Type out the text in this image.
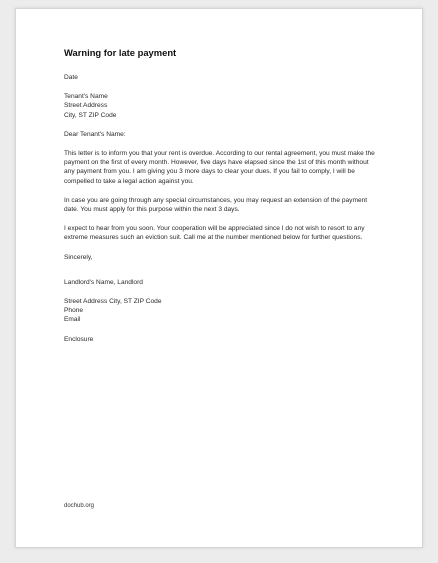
Warning for late payment
Date
Tenant's Name
Street Address
City, ST ZIP Code
Dear Tenant's Name:

This letter is to inform you that your rent is overdue. According to our rental agreement, you must make the payment on the first of every month. However, five days have elapsed since the 1st of this month without any payment from you. I am giving you 3 more days to clear your dues. If you fail to comply, I will be compelled to take a legal action against you.

In case you are going through any special circumstances, you may request an extension of the payment date. You must apply for this purpose within the next 3 days.

I expect to hear from you soon. Your cooperation will be appreciated since I do not wish to resort to any extreme measures such an eviction suit. Call me at the number mentioned below for further questions.

Sincerely,
Landlord's Name, Landlord
Street Address City, ST ZIP Code
Phone
Email
Enclosure
dochub.org
